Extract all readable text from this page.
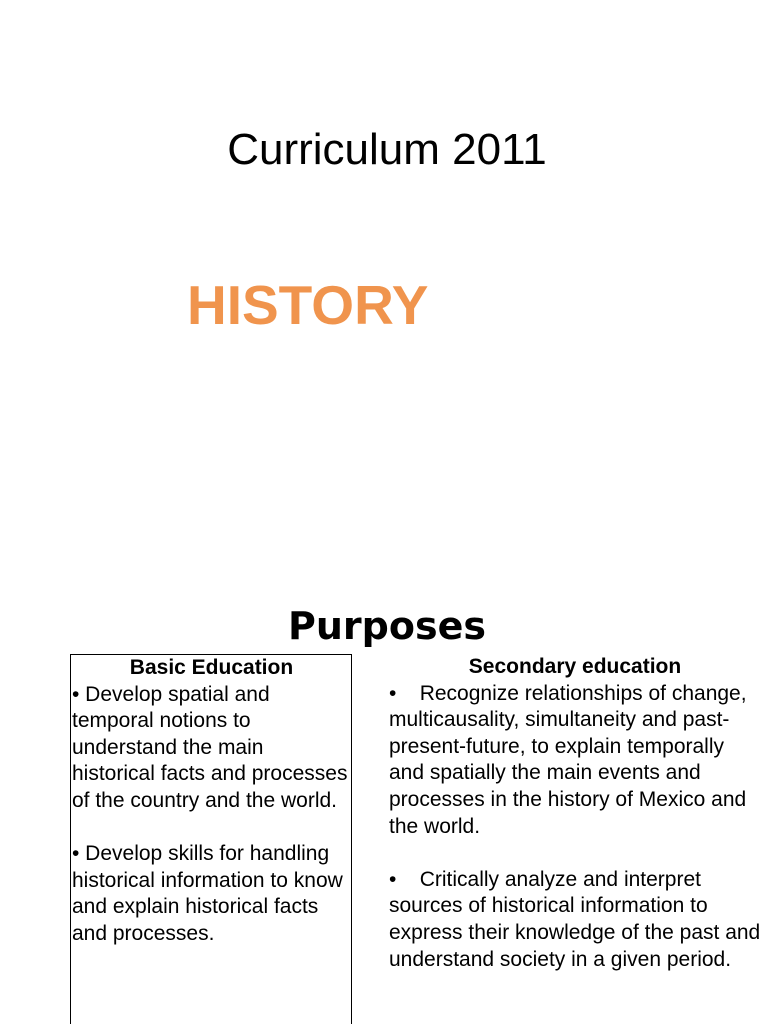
Curriculum 2011
HISTORY
Purposes

Basic Education

• Develop spatial and temporal notions to understand the main historical facts and processes of the country and the world.

• Develop skills for handling historical information to know and explain historical facts and processes.

Secondary education

•    Recognize relationships of change, multicausality, simultaneity and past-present-future, to explain temporally and spatially the main events and processes in the history of Mexico and the world.

•    Critically analyze and interpret sources of historical information to express their knowledge of the past and understand society in a given period.
